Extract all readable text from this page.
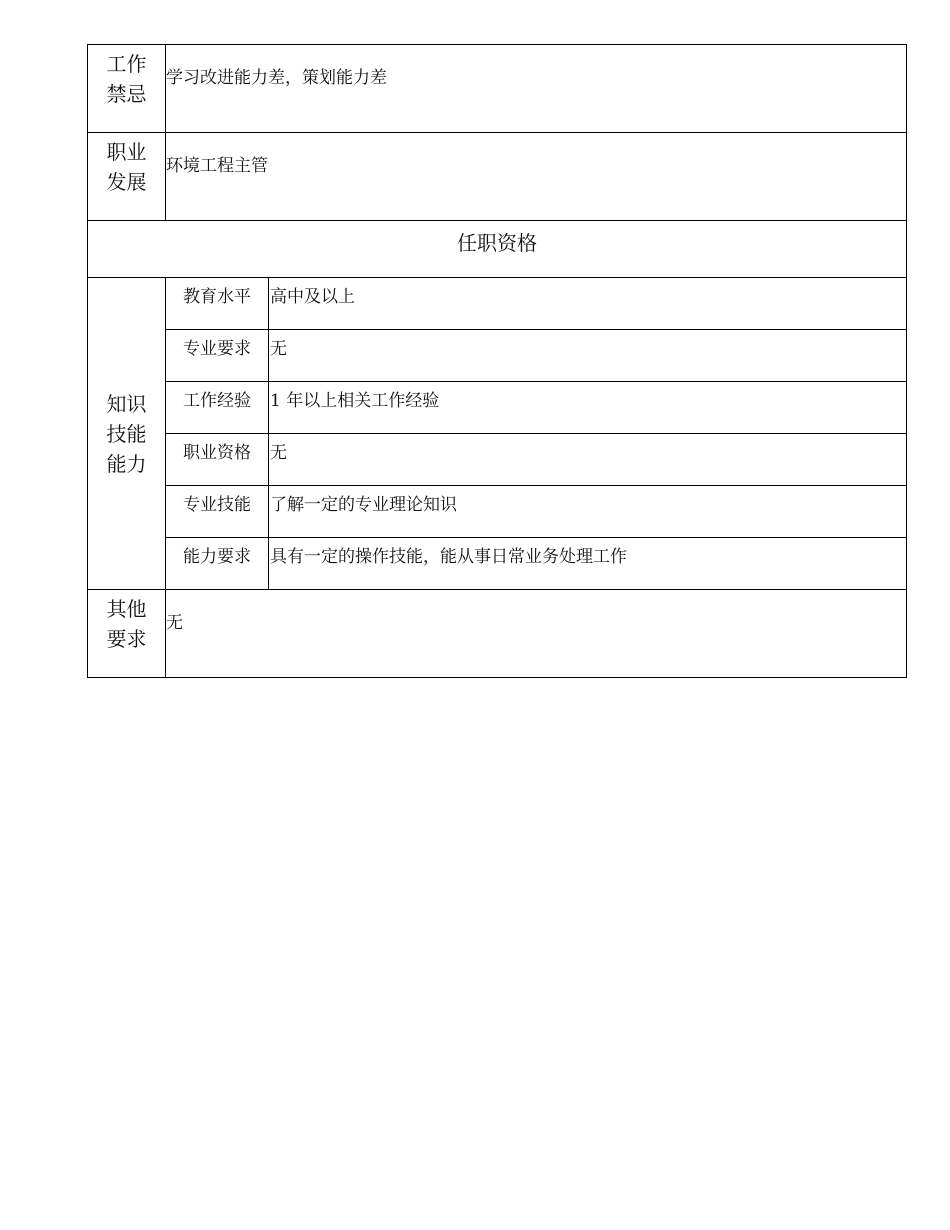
工作禁忌	学习改进能力差，策划能力差	

职业发展	环境工程主管	

任职资格		
知识技能能力	教育水平	高中及以上
	专业要求	无
	工作经验	1 年以上相关工作经验
	职业资格	无
	专业技能	了解一定的专业理论知识
	能力要求	具有一定的操作技能，能从事日常业务处理工作
其他要求	无	
